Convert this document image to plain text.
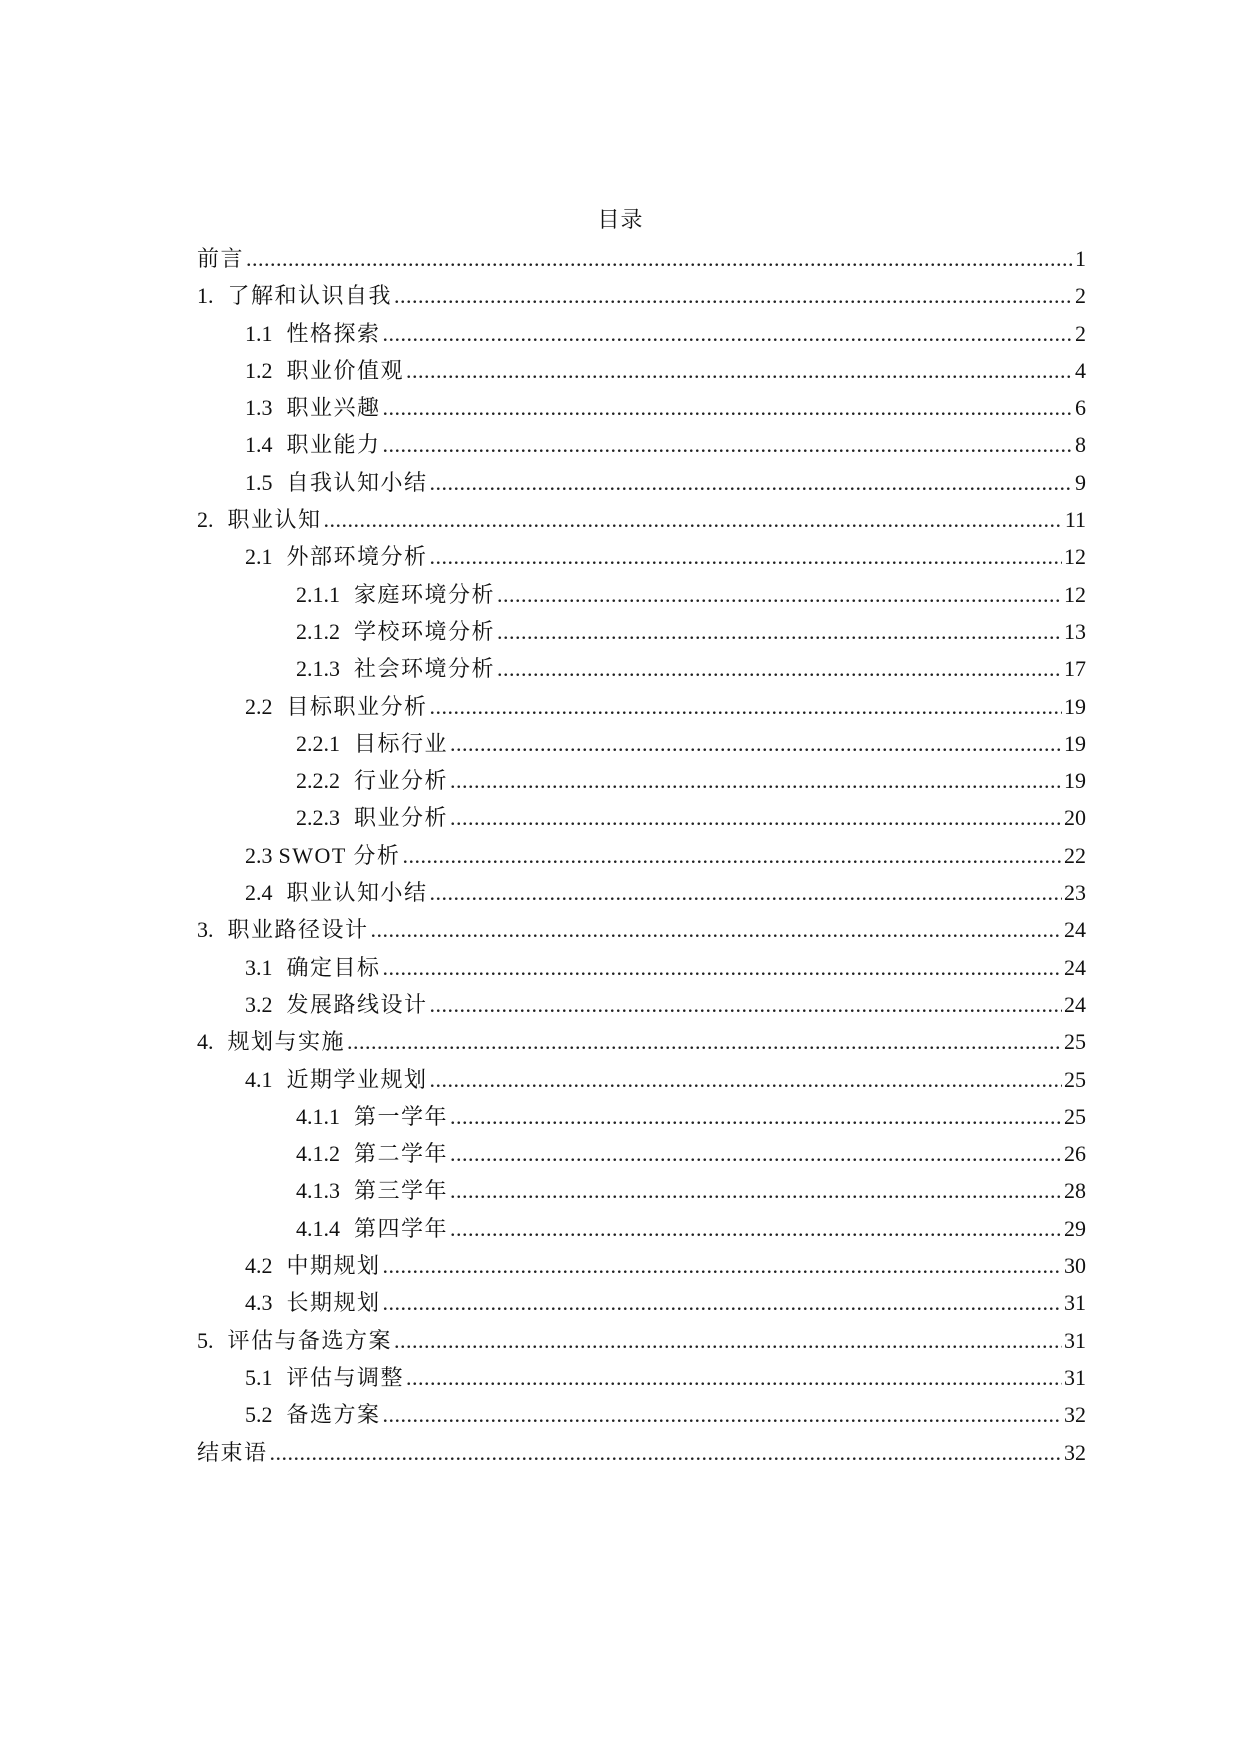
目录
前言 .....	1
1. 了解和认识自我 .....	2
1.1 性格探索 .....	2
1.2 职业价值观 .....	4
1.3 职业兴趣 .....	6
1.4 职业能力 .....	8
1.5 自我认知小结 .....	9
2. 职业认知 .....	11
2.1 外部环境分析 .....	12
2.1.1 家庭环境分析 .....	12
2.1.2 学校环境分析 .....	13
2.1.3 社会环境分析 .....	17
2.2 目标职业分析 .....	19
2.2.1 目标行业 .....	19
2.2.2 行业分析 .....	19
2.2.3 职业分析 .....	20
2.3 SWOT 分析 .....	22
2.4 职业认知小结 .....	23
3. 职业路径设计 .....	24
3.1 确定目标 .....	24
3.2 发展路线设计 .....	24
4. 规划与实施 .....	25
4.1 近期学业规划 .....	25
4.1.1 第一学年 .....	25
4.1.2 第二学年 .....	26
4.1.3 第三学年 .....	28
4.1.4 第四学年 .....	29
4.2 中期规划 .....	30
4.3 长期规划 .....	31
5. 评估与备选方案 .....	31
5.1 评估与调整 .....	31
5.2 备选方案 .....	32
结束语 .....	32
